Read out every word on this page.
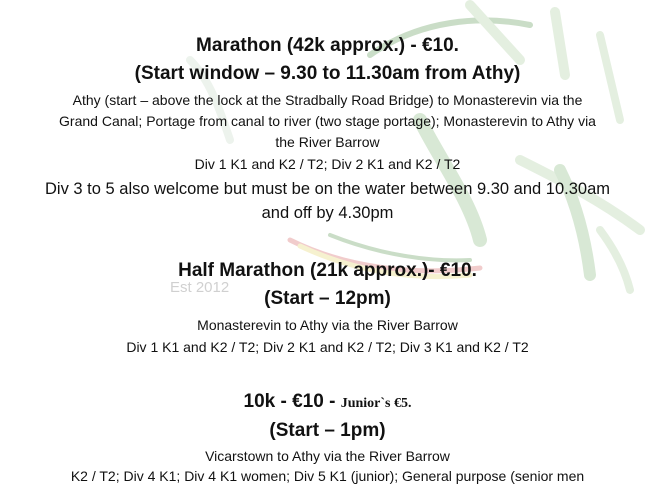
Est 2012
Marathon (42k approx.) - €10.
(Start window – 9.30 to 11.30am from Athy)
Athy (start – above the lock at the Stradbally Road Bridge) to Monasterevin via the
Grand Canal; Portage from canal to river (two stage portage); Monasterevin to Athy via
the River Barrow
Div 1 K1 and K2 / T2; Div 2 K1 and K2 / T2
Div 3 to 5 also welcome but must be on the water between 9.30 and 10.30am
and off by 4.30pm
Half Marathon (21k approx.)- €10.
(Start – 12pm)
Monasterevin to Athy via the River Barrow
Div 1 K1 and K2 / T2; Div 2 K1 and K2 / T2; Div 3 K1 and K2 / T2
10k - €10 - Junior`s €5.
(Start – 1pm)
Vicarstown to Athy via the River Barrow
K2 / T2; Div 4 K1; Div 4 K1 women; Div 5 K1 (junior); General purpose (senior men
